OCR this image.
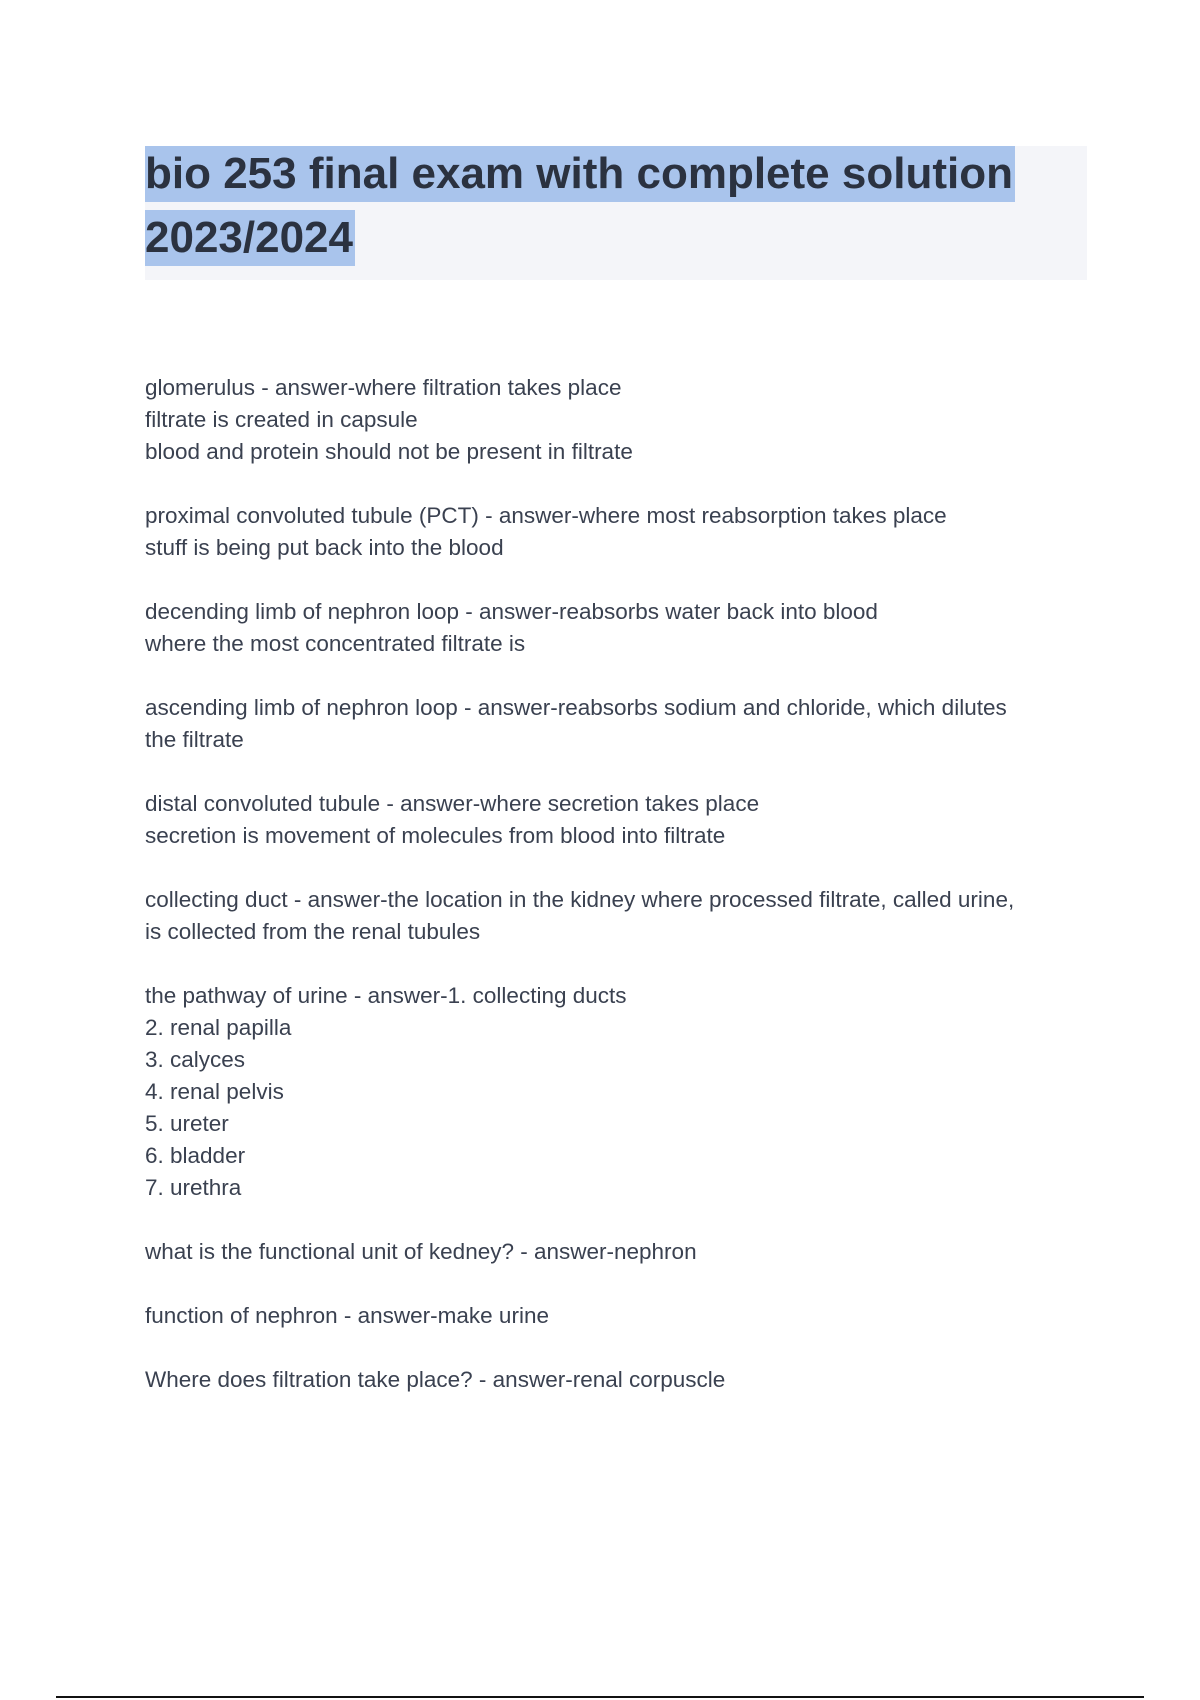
bio 253 final exam with complete solution
2023/2024
glomerulus - answer-where filtration takes place
filtrate is created in capsule
blood and protein should not be present in filtrate
proximal convoluted tubule (PCT) - answer-where most reabsorption takes place
stuff is being put back into the blood
decending limb of nephron loop - answer-reabsorbs water back into blood
where the most concentrated filtrate is
ascending limb of nephron loop - answer-reabsorbs sodium and chloride, which dilutes
the filtrate
distal convoluted tubule - answer-where secretion takes place
secretion is movement of molecules from blood into filtrate
collecting duct - answer-the location in the kidney where processed filtrate, called urine,
is collected from the renal tubules
the pathway of urine - answer-1. collecting ducts
2. renal papilla
3. calyces
4. renal pelvis
5. ureter
6. bladder
7. urethra
what is the functional unit of kedney? - answer-nephron
function of nephron - answer-make urine
Where does filtration take place? - answer-renal corpuscle
